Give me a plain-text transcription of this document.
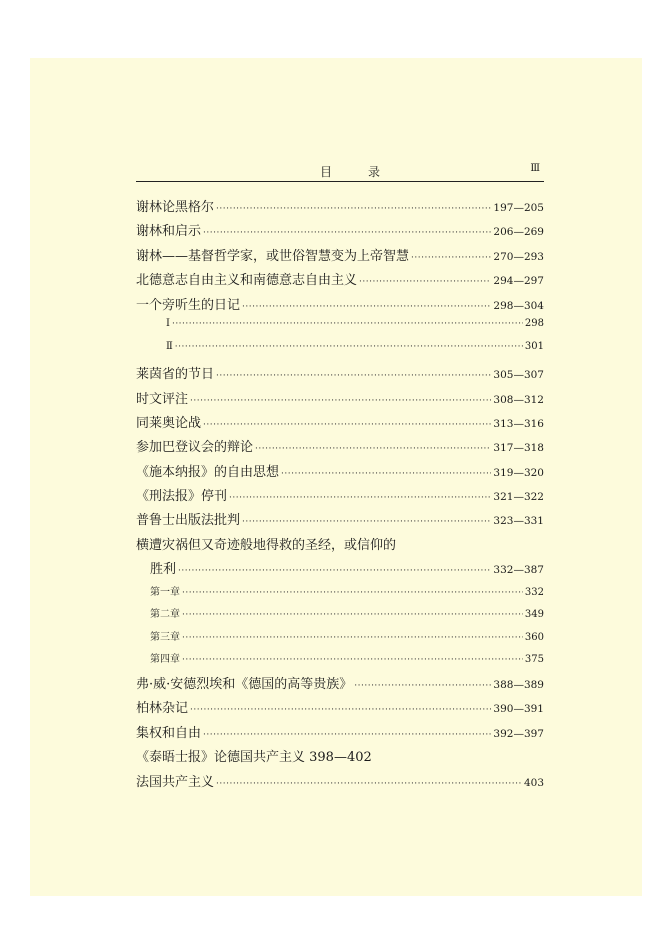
目　　　录	Ⅲ
谢林论黑格尔 ·····	197—205
谢林和启示 ·····	206—269
谢林——基督哲学家，或世俗智慧变为上帝智慧 ·····	270—293
北德意志自由主义和南德意志自由主义 ·····	294—297
一个旁听生的日记 ·····	298—304
Ⅰ ·····	298
Ⅱ ·····	301
莱茵省的节日 ·····	305—307
时文评注 ·····	308—312
同莱奥论战 ·····	313—316
参加巴登议会的辩论 ·····	317—318
《施本纳报》的自由思想 ·····	319—320
《刑法报》停刊 ·····	321—322
普鲁士出版法批判 ·····	323—331
横遭灾祸但又奇迹般地得救的圣经，或信仰的
胜利 ·····	332—387
第一章 ·····	332
第二章 ·····	349
第三章 ·····	360
第四章 ·····	375
弗·威·安德烈埃和《德国的高等贵族》 ·····	388—389
柏林杂记 ·····	390—391
集权和自由 ·····	392—397
《泰晤士报》论德国共产主义 398—402
法国共产主义 ·····	403
